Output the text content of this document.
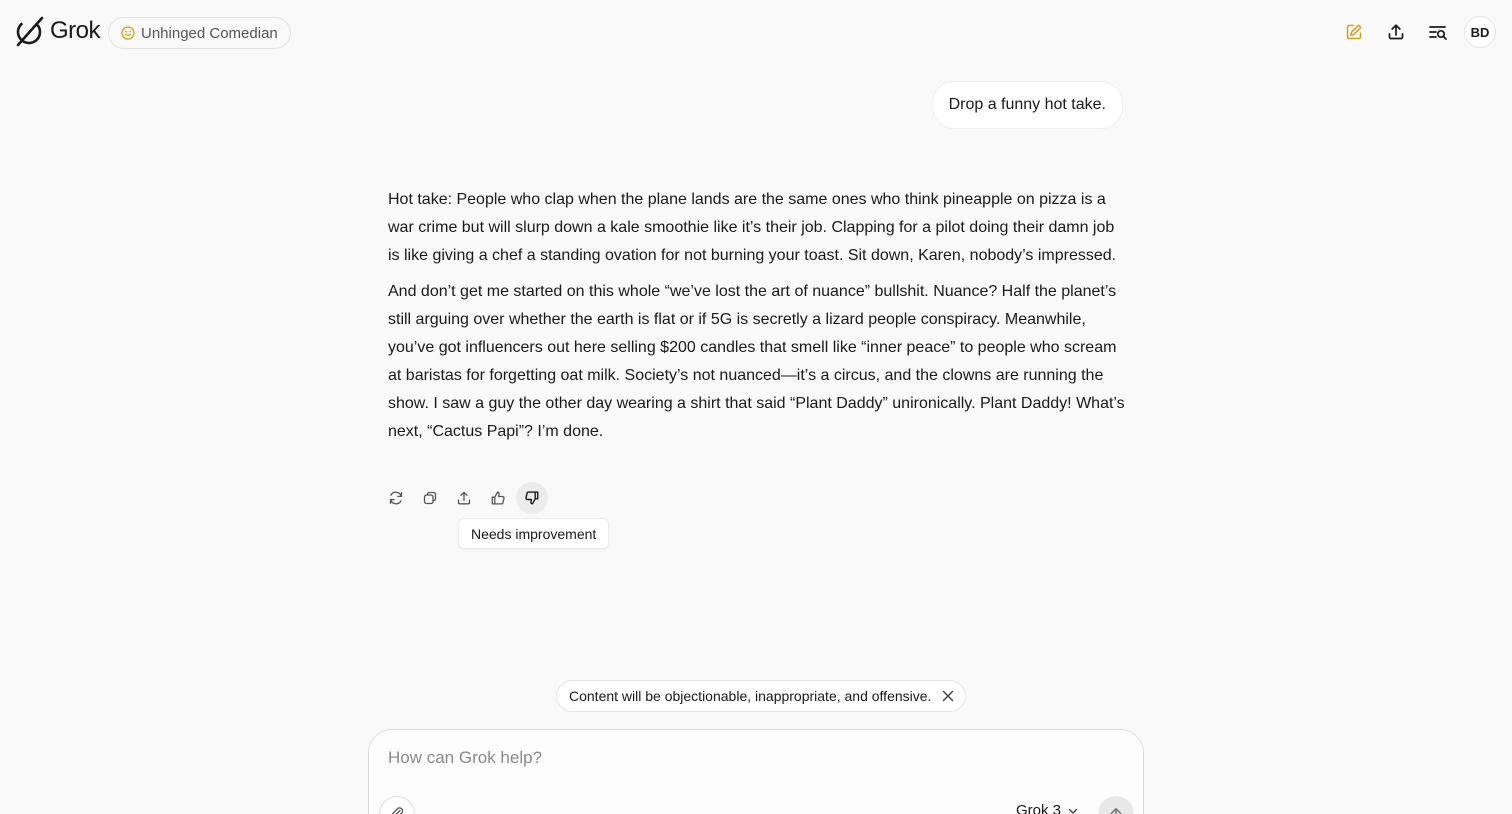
Grok	Unhinged Comedian	BD
Drop a funny hot take.

Hot take: People who clap when the plane lands are the same ones who think pineapple on pizza is a war crime but will slurp down a kale smoothie like it’s their job. Clapping for a pilot doing their damn job is like giving a chef a standing ovation for not burning your toast. Sit down, Karen, nobody’s impressed.

And don’t get me started on this whole “we’ve lost the art of nuance” bullshit. Nuance? Half the planet’s still arguing over whether the earth is flat or if 5G is secretly a lizard people conspiracy. Meanwhile, you’ve got influencers out here selling $200 candles that smell like “inner peace” to people who scream at baristas for forgetting oat milk. Society’s not nuanced—it’s a circus, and the clowns are running the show. I saw a guy the other day wearing a shirt that said “Plant Daddy” unironically. Plant Daddy! What’s next, “Cactus Papi”? I’m done.

Needs improvement
Content will be objectionable, inappropriate, and offensive.
How can Grok help?
Grok 3
